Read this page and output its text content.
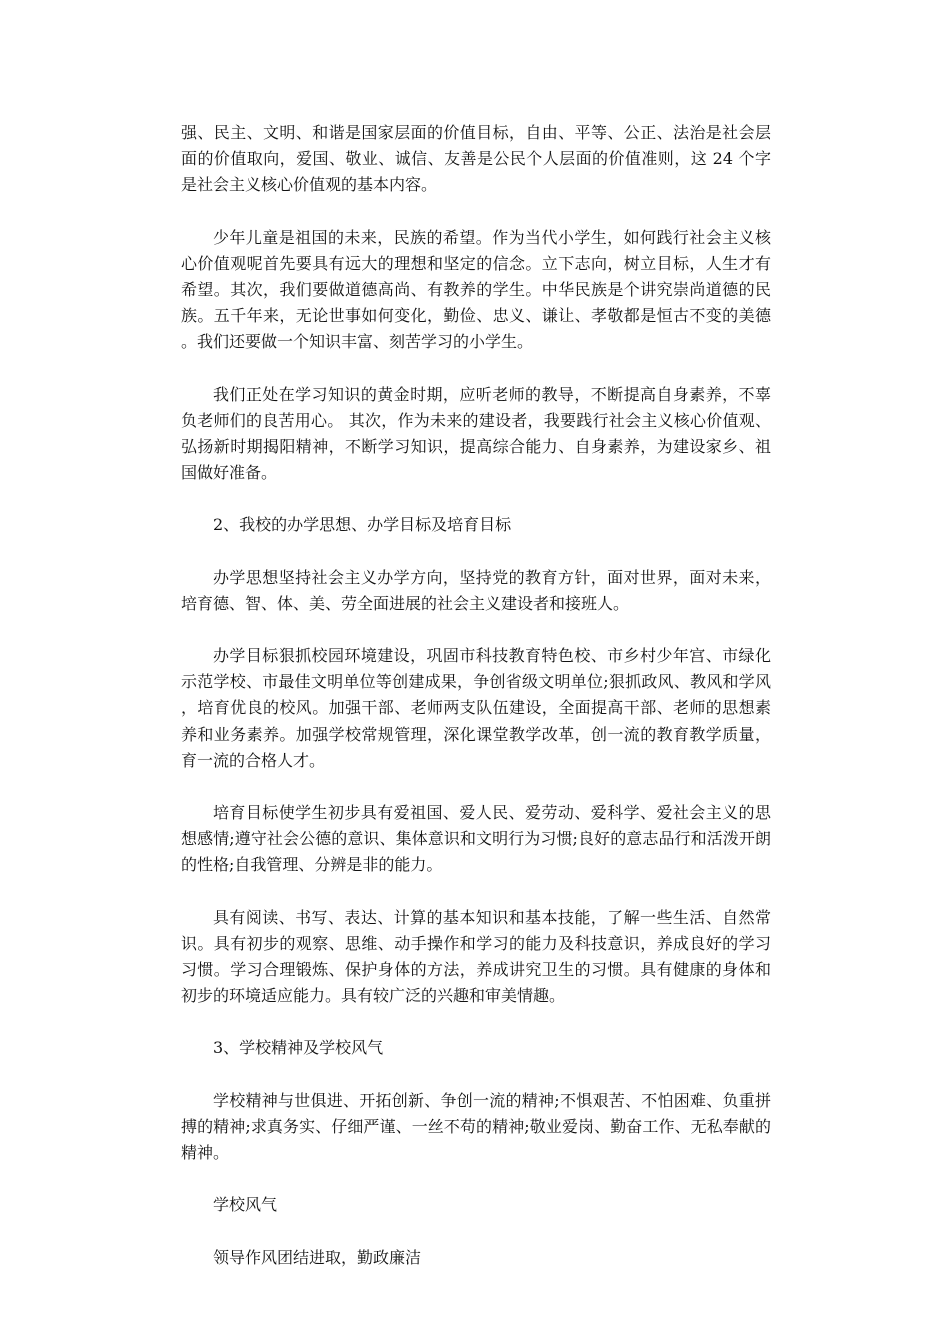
强、民主、文明、和谐是国家层面的价值目标，自由、平等、公正、法治是社会层面的价值取向，爱国、敬业、诚信、友善是公民个人层面的价值准则，这 24 个字是社会主义核心价值观的基本内容。

少年儿童是祖国的未来，民族的希望。作为当代小学生，如何践行社会主义核心价值观呢首先要具有远大的理想和坚定的信念。立下志向，树立目标，人生才有希望。其次，我们要做道德高尚、有教养的学生。中华民族是个讲究崇尚道德的民族。五千年来，无论世事如何变化，勤俭、忠义、谦让、孝敬都是恒古不变的美德。我们还要做一个知识丰富、刻苦学习的小学生。

我们正处在学习知识的黄金时期，应听老师的教导，不断提高自身素养，不辜负老师们的良苦用心。 其次，作为未来的建设者，我要践行社会主义核心价值观、弘扬新时期揭阳精神，不断学习知识，提高综合能力、自身素养，为建设家乡、祖国做好准备。

2、我校的办学思想、办学目标及培育目标

办学思想坚持社会主义办学方向，坚持党的教育方针，面对世界，面对未来，培育德、智、体、美、劳全面进展的社会主义建设者和接班人。

办学目标狠抓校园环境建设，巩固市科技教育特色校、市乡村少年宫、市绿化示范学校、市最佳文明单位等创建成果，争创省级文明单位;狠抓政风、教风和学风，培育优良的校风。加强干部、老师两支队伍建设，全面提高干部、老师的思想素养和业务素养。加强学校常规管理，深化课堂教学改革，创一流的教育教学质量，育一流的合格人才。

培育目标使学生初步具有爱祖国、爱人民、爱劳动、爱科学、爱社会主义的思想感情;遵守社会公德的意识、集体意识和文明行为习惯;良好的意志品行和活泼开朗的性格;自我管理、分辨是非的能力。

具有阅读、书写、表达、计算的基本知识和基本技能，了解一些生活、自然常识。具有初步的观察、思维、动手操作和学习的能力及科技意识，养成良好的学习习惯。学习合理锻炼、保护身体的方法，养成讲究卫生的习惯。具有健康的身体和初步的环境适应能力。具有较广泛的兴趣和审美情趣。

3、学校精神及学校风气

学校精神与世俱进、开拓创新、争创一流的精神;不惧艰苦、不怕困难、负重拼搏的精神;求真务实、仔细严谨、一丝不苟的精神;敬业爱岗、勤奋工作、无私奉献的精神。

学校风气

领导作风团结进取，勤政廉洁
